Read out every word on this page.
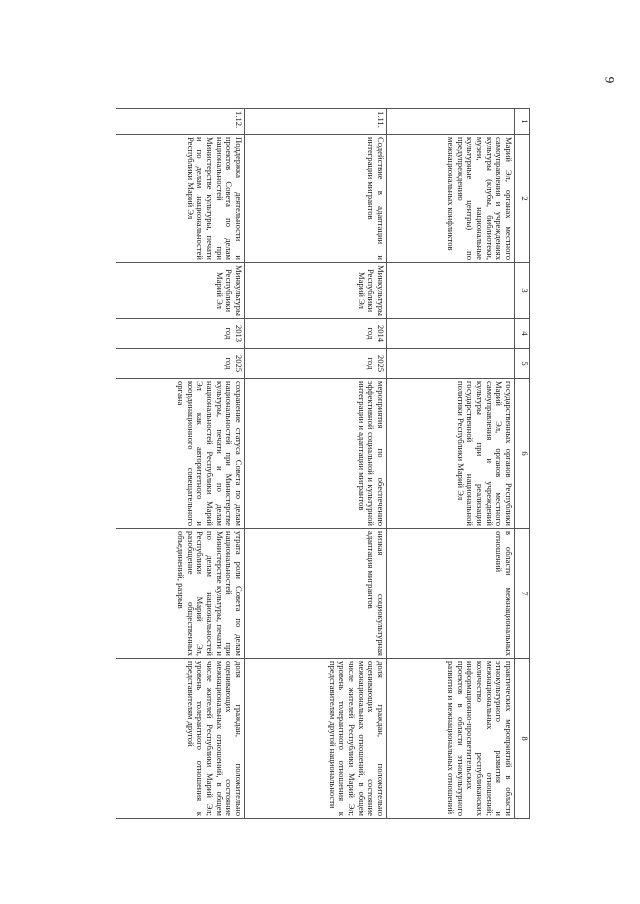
9
1	2	3	4	5	6	7	8
	Марий Эл, органах местного самоуправления и учреждениях культуры (клубы, библиотеки, музеи, национальные культурные центры) по предупреждению межнациональных конфликтов				государственных органов Республики Марий Эл, органов местного самоуправления и учреждений культуры при реализации государственной национальной политики Республики Марий Эл	в области межнациональных отношений	практических мероприятий в области этнокультурного развития и межнациональных отношений; количество республиканских информационно-просветительских проектов в области этнокультурного развития и межнациональных отношений
1.11.	Содействие в адаптации и интеграции мигрантов	Минкультуры Республики Марий Эл	2014 год	2025 год	мероприятия по обеспечению эффективной социальной и культурной интеграции и адаптации мигрантов	низкая социокультурная адаптация мигрантов	доля граждан, положительно оценивающих состояние межнациональных отношений, в общем числе жителей Республики Марий Эл; уровень толерантного отношения к представителям другой национальности
1.12.	Поддержка деятельности и проектов Совета по делам национальностей при Министерстве культуры, печати и по делам национальностей Республики Марий Эл	Минкультуры Республики Марий Эл	2013 год	2025 год	сохранение статуса Совета по делам национальностей при Министерстве культуры, печати и по делам национальностей Республики Марий Эл как авторитетного и координационного совещательного органа	утрата роли Совета по делам национальностей при Министерстве культуры, печати и по делам национальностей Республики Марий Эл, разобщение общественных объединений, разрыв	доля граждан, положительно оценивающих состояние межнациональных отношений, в общем числе жителей Республики Марий Эл; уровень толерантного отношения к представителям другой
